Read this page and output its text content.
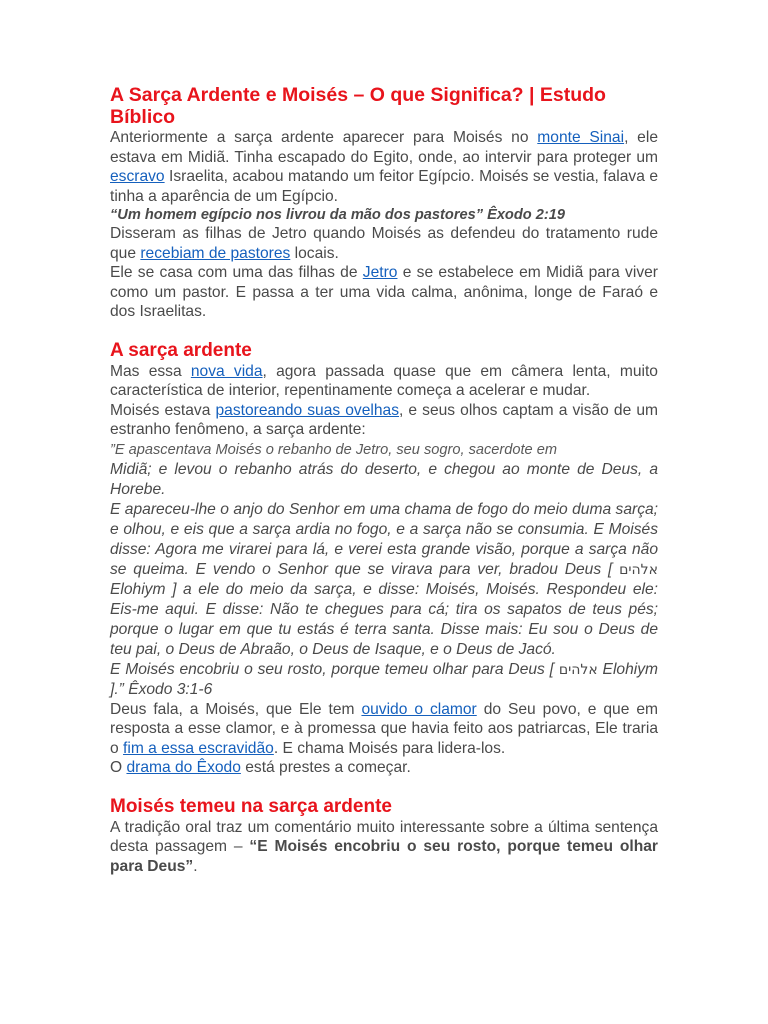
A Sarça Ardente e Moisés – O que Significa? | Estudo Bíblico

Anteriormente a sarça ardente aparecer para Moisés no monte Sinai, ele estava em Midiã. Tinha escapado do Egito, onde, ao intervir para proteger um escravo Israelita, acabou matando um feitor Egípcio. Moisés se vestia, falava e tinha a aparência de um Egípcio.

“Um homem egípcio nos livrou da mão dos pastores” Êxodo 2:19

Disseram as filhas de Jetro quando Moisés as defendeu do tratamento rude que recebiam de pastores locais.

Ele se casa com uma das filhas de Jetro e se estabelece em Midiã para viver como um pastor. E passa a ter uma vida calma, anônima, longe de Faraó e dos Israelitas.

A sarça ardente

Mas essa nova vida, agora passada quase que em câmera lenta, muito característica de interior, repentinamente começa a acelerar e mudar.

Moisés estava pastoreando suas ovelhas, e seus olhos captam a visão de um estranho fenômeno, a sarça ardente:

”E apascentava Moisés o rebanho de Jetro, seu sogro, sacerdote em

Midiã; e levou o rebanho atrás do deserto, e chegou ao monte de Deus, a Horebe.

E apareceu-lhe o anjo do Senhor em uma chama de fogo do meio duma sarça; e olhou, e eis que a sarça ardia no fogo, e a sarça não se consumia. E Moisés disse: Agora me virarei para lá, e verei esta grande visão, porque a sarça não se queima. E vendo o Senhor que se virava para ver, bradou Deus [ אלהים Elohiym ] a ele do meio da sarça, e disse: Moisés, Moisés. Respondeu ele: Eis-me aqui. E disse: Não te chegues para cá; tira os sapatos de teus pés; porque o lugar em que tu estás é terra santa. Disse mais: Eu sou o Deus de teu pai, o Deus de Abraão, o Deus de Isaque, e o Deus de Jacó.

E Moisés encobriu o seu rosto, porque temeu olhar para Deus [ אלהים Elohiym ].” Êxodo 3:1-6

Deus fala, a Moisés, que Ele tem ouvido o clamor do Seu povo, e que em resposta a esse clamor, e à promessa que havia feito aos patriarcas, Ele traria o fim a essa escravidão. E chama Moisés para lidera-los.

O drama do Êxodo está prestes a começar.

Moisés temeu na sarça ardente

A tradição oral traz um comentário muito interessante sobre a última sentença desta passagem – “E Moisés encobriu o seu rosto, porque temeu olhar para Deus”.
